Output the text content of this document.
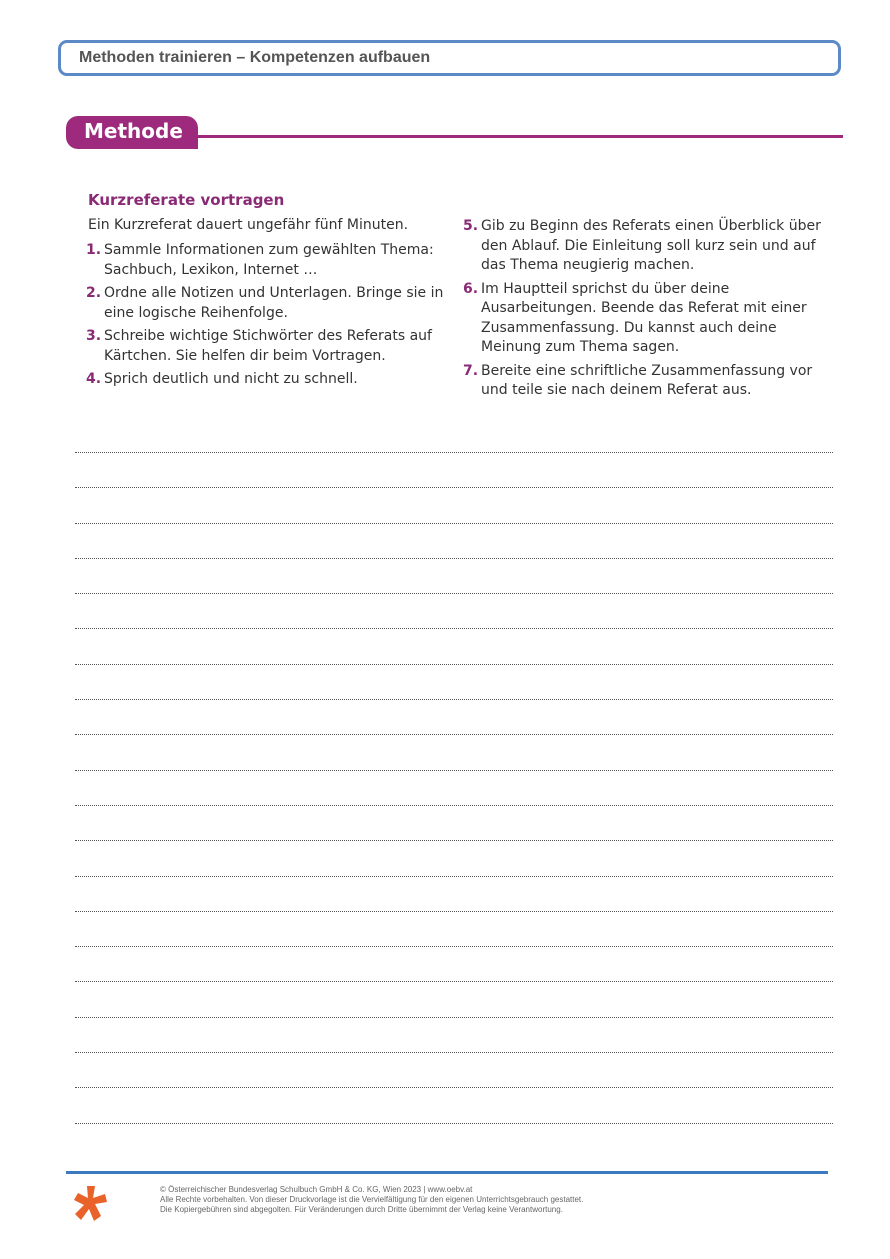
Methoden trainieren – Kompetenzen aufbauen
Methode
Kurzreferate vortragen
Ein Kurzreferat dauert ungefähr fünf Minuten.
1. Sammle Informationen zum gewählten Thema: Sachbuch, Lexikon, Internet …
2. Ordne alle Notizen und Unterlagen. Bringe sie in eine logische Reihenfolge.
3. Schreibe wichtige Stichwörter des Referats auf Kärtchen. Sie helfen dir beim Vortragen.
4. Sprich deutlich und nicht zu schnell.
5. Gib zu Beginn des Referats einen Überblick über den Ablauf. Die Einleitung soll kurz sein und auf das Thema neugierig machen.
6. Im Hauptteil sprichst du über deine Ausarbeitungen. Beende das Referat mit einer Zusammenfassung. Du kannst auch deine Meinung zum Thema sagen.
7. Bereite eine schriftliche Zusammenfassung vor und teile sie nach deinem Referat aus.
© Österreichischer Bundesverlag Schulbuch GmbH & Co. KG, Wien 2023 | www.oebv.at
Alle Rechte vorbehalten. Von dieser Druckvorlage ist die Vervielfältigung für den eigenen Unterrichtsgebrauch gestattet.
Die Kopiergebühren sind abgegolten. Für Veränderungen durch Dritte übernimmt der Verlag keine Verantwortung.
